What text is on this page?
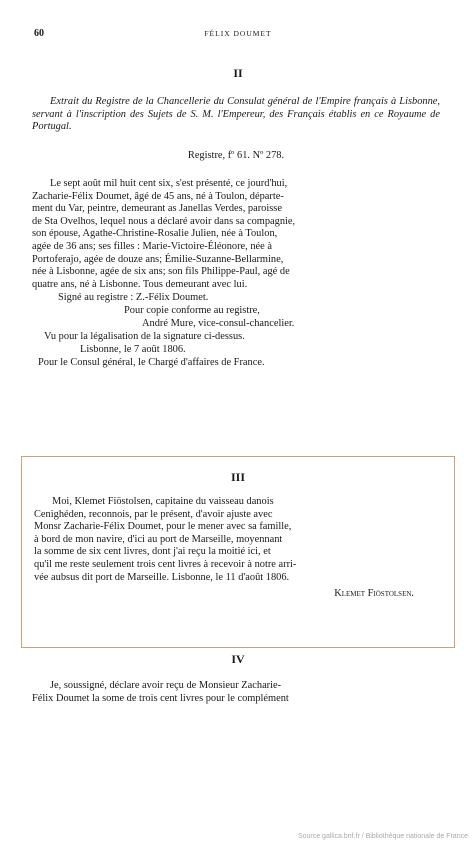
60	FÉLIX DOUMET
II

Extrait du Registre de la Chancellerie du Consulat général de l'Empire français à Lisbonne, servant à l'inscription des Sujets de S. M. l'Empereur, des Français établis en ce Royaume de Portugal.

Registre, fº 61. Nº 278.

Le sept août mil huit cent six, s'est présenté, ce jourd'hui,

Zacharie-Félix Doumet, âgé de 45 ans, né à Toulon, départe-

ment du Var, peintre, demeurant as Janellas Verdes, paroisse

de Sta Ovelhos, lequel nous a déclaré avoir dans sa compagnie,

son épouse, Agathe-Christine-Rosalie Julien, née à Toulon,

agée de 36 ans; ses filles : Marie-Victoire-Éléonore, née à

Portoferajo, agée de douze ans; Émilie-Suzanne-Bellarmine,

née à Lisbonne, agée de six ans; son fils Philippe-Paul, agé de

quatre ans, né à Lisbonne. Tous demeurant avec lui.

Signé au registre : Z.-Félix Doumet.

Pour copie conforme au registre,

André Mure, vice-consul-chancelier.

Vu pour la légalisation de la signature ci-dessus.

Lisbonne, le 7 août 1806.

Pour le Consul général, le Chargé d'affaires de France.

III

Moi, Klemet Fiöstolsen, capitaine du vaisseau danois

Cenighéden, reconnois, par le présent, d'avoir ajuste avec

Monsr Zacharie-Félix Doumet, pour le mener avec sa famille,

à bord de mon navire, d'ici au port de Marseille, moyennant

la somme de six cent livres, dont j'ai reçu la moitié ici, et

qu'il me reste seulement trois cent livres à recevoir à notre arri-

vée aubsus dit port de Marseille. Lisbonne, le 11 d'août 1806.

Klemet Fiöstolsen.

IV

Je, soussigné, déclare avoir reçu de Monsieur Zacharie-

Félix Doumet la some de trois cent livres pour le complément

Source gallica.bnf.fr / Bibliothèque nationale de France
